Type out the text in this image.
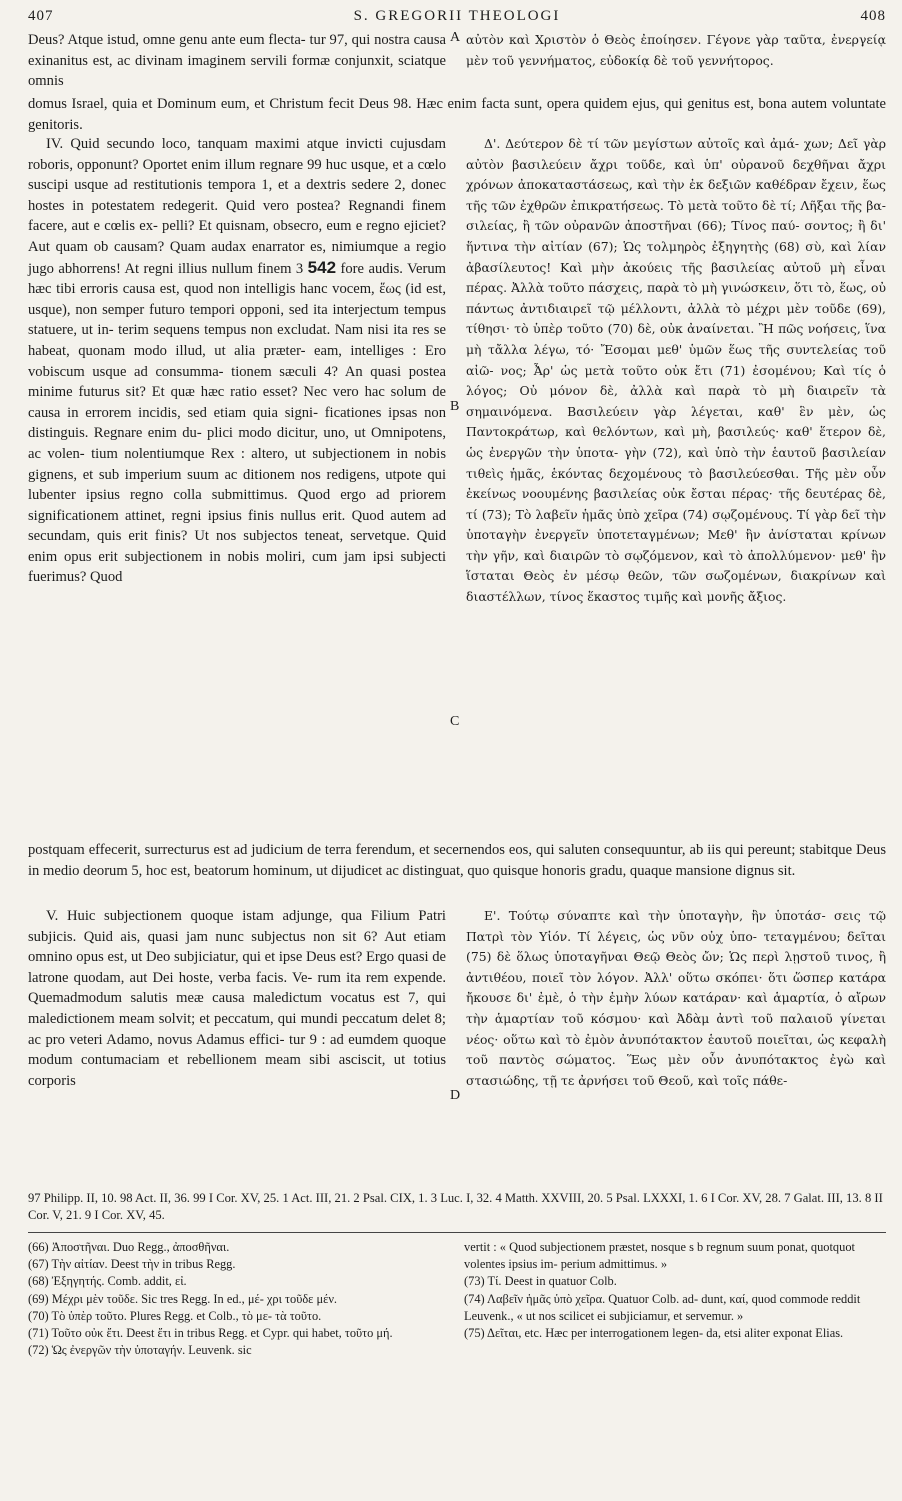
407	S. GREGORII THEOLOGI	408

Deus? Atque istud, omne genu ante eum flecta- tur 97, qui nostra causa exinanitus est, ac divinam imaginem servili formæ conjunxit, sciatque omnis

A αὐτὸν καὶ Χριστὸν ὁ Θεὸς ἐποίησεν. Γέγονε γὰρ ταῦτα, ἐνεργείᾳ μὲν τοῦ γεννήματος, εὐδοκίᾳ δὲ τοῦ γεννήτορος.

domus Israel, quia et Dominum eum, et Christum fecit Deus 98. Hæc enim facta sunt, opera quidem ejus, qui genitus est, bona autem voluntate genitoris.

IV. Quid secundo loco, tanquam maximi atque invicti cujusdam roboris, opponunt? Oportet enim illum regnare 99 huc usque, et a cœlo suscipi usque ad restitutionis tempora 1, et a dextris sedere 2, donec hostes in potestatem redegerit. Quid vero postea? Regnandi finem facere, aut e cœlis ex- pelli? Et quisnam, obsecro, eum e regno ejiciet? Aut quam ob causam? Quam audax enarrator es, nimiumque a regio jugo abhorrens! At regni illius nullum finem 3 542 fore audis. Verum hæc tibi erroris causa est, quod non intelligis hanc vocem, ἕως (id est, usque), non semper futuro tempori opponi, sed ita interjectum tempus statuere, ut in- terim sequens tempus non excludat. Nam nisi ita res se habeat, quonam modo illud, ut alia præter- eam, intelliges : Ero vobiscum usque ad consumma- tionem sæculi 4? An quasi postea minime futurus sit? Et quæ hæc ratio esset? Nec vero hac solum de causa in errorem incidis, sed etiam quia signi- ficationes ipsas non distinguis. Regnare enim du- plici modo dicitur, uno, ut Omnipotens, ac volen- tium nolentiumque Rex : altero, ut subjectionem in nobis gignens, et sub imperium suum ac ditionem nos redigens, utpote qui lubenter ipsius regno colla submittimus. Quod ergo ad priorem significationem attinet, regni ipsius finis nullus erit. Quod autem ad secundam, quis erit finis? Ut nos subjectos teneat, servetque. Quid enim opus erit subjectionem in nobis moliri, cum jam ipsi subjecti fuerimus? Quod

B
C

Δ'. Δεύτερον δὲ τί τῶν μεγίστων αὐτοῖς καὶ ἀμά- χων; Δεῖ γὰρ αὐτὸν βασιλεύειν ἄχρι τοῦδε, καὶ ὑπ' οὐρανοῦ δεχθῆναι ἄχρι χρόνων ἀποκαταστάσεως, καὶ τὴν ἐκ δεξιῶν καθέδραν ἔχειν, ἕως τῆς τῶν ἐχθρῶν ἐπικρατήσεως. Τὸ μετὰ τοῦτο δὲ τί; Λῆξαι τῆς βα- σιλείας, ἢ τῶν οὐρανῶν ἀποστῆναι (66); Τίνος παύ- σοντος; ἢ δι' ἥντινα τὴν αἰτίαν (67); Ὡς τολμηρὸς ἐξηγητὴς (68) σὺ, καὶ λίαν ἀβασίλευτος! Καὶ μὴν ἀκούεις τῆς βασιλείας αὐτοῦ μὴ εἶναι πέρας. Ἀλλὰ τοῦτο πάσχεις, παρὰ τὸ μὴ γινώσκειν, ὅτι τὸ, ἕως, οὐ πάντως ἀντιδιαιρεῖ τῷ μέλλοντι, ἀλλὰ τὸ μέχρι μὲν τοῦδε (69), τίθησι· τὸ ὑπὲρ τοῦτο (70) δὲ, οὐκ ἀναίνεται. Ἢ πῶς νοήσεις, ἵνα μὴ τἄλλα λέγω, τό· Ἔσομαι μεθ' ὑμῶν ἕως τῆς συντελείας τοῦ αἰῶ- νος; Ἆρ' ὡς μετὰ τοῦτο οὐκ ἔτι (71) ἐσομένου; Καὶ τίς ὁ λόγος; Οὐ μόνον δὲ, ἀλλὰ καὶ παρὰ τὸ μὴ διαιρεῖν τὰ σημαινόμενα. Βασιλεύειν γὰρ λέγεται, καθ' ἓν μὲν, ὡς Παντοκράτωρ, καὶ θελόντων, καὶ μὴ, βασιλεύς· καθ' ἕτερον δὲ, ὡς ἐνεργῶν τὴν ὑποτα- γὴν (72), καὶ ὑπὸ τὴν ἑαυτοῦ βασιλείαν τιθεὶς ἡμᾶς, ἑκόντας δεχομένους τὸ βασιλεύεσθαι. Τῆς μὲν οὖν ἐκείνως νοουμένης βασιλείας οὐκ ἔσται πέρας· τῆς δευτέρας δὲ, τί (73); Τὸ λαβεῖν ἡμᾶς ὑπὸ χεῖρα (74) σῳζομένους. Τί γὰρ δεῖ τὴν ὑποταγὴν ἐνεργεῖν ὑποτεταγμένων; Μεθ' ἣν ἀνίσταται κρίνων τὴν γῆν, καὶ διαιρῶν τὸ σῳζόμενον, καὶ τὸ ἀπολλύμενον· μεθ' ἣν ἵσταται Θεὸς ἐν μέσῳ θεῶν, τῶν σωζομένων, διακρίνων καὶ διαστέλλων, τίνος ἕκαστος τιμῆς καὶ μονῆς ἄξιος.

postquam effecerit, surrecturus est ad judicium de terra ferendum, et secernendos eos, qui saluten consequuntur, ab iis qui pereunt; stabitque Deus in medio deorum 5, hoc est, beatorum hominum, ut dijudicet ac distinguat, quo quisque honoris gradu, quaque mansione dignus sit.

V. Huic subjectionem quoque istam adjunge, qua Filium Patri subjicis. Quid ais, quasi jam nunc subjectus non sit 6? Aut etiam omnino opus est, ut Deo subjiciatur, qui et ipse Deus est? Ergo quasi de latrone quodam, aut Dei hoste, verba facis. Ve- rum ita rem expende. Quemadmodum salutis meæ causa maledictum vocatus est 7, qui maledictionem meam solvit; et peccatum, qui mundi peccatum delet 8; ac pro veteri Adamo, novus Adamus effici- tur 9 : ad eumdem quoque modum contumaciam et rebellionem meam sibi asciscit, ut totius corporis

D

Ε'. Τούτῳ σύναπτε καὶ τὴν ὑποταγὴν, ἣν ὑποτάσ- σεις τῷ Πατρὶ τὸν Υἱόν. Τί λέγεις, ὡς νῦν οὐχ ὑπο- τεταγμένου; δεῖται (75) δὲ ὅλως ὑποταγῆναι Θεῷ Θεὸς ὤν; Ὡς περὶ λῃστοῦ τινος, ἢ ἀντιθέου, ποιεῖ τὸν λόγον. Ἀλλ' οὕτω σκόπει· ὅτι ὥσπερ κατάρα ἤκουσε δι' ἐμὲ, ὁ τὴν ἐμὴν λύων κατάραν· καὶ ἁμαρτία, ὁ αἴρων τὴν ἁμαρτίαν τοῦ κόσμου· καὶ Ἀδὰμ ἀντὶ τοῦ παλαιοῦ γίνεται νέος· οὕτω καὶ τὸ ἐμὸν ἀνυπότακτον ἑαυτοῦ ποιεῖται, ὡς κεφαλὴ τοῦ παντὸς σώματος. Ἕως μὲν οὖν ἀνυπότακτος ἐγὼ καὶ στασιώδης, τῇ τε ἀρνήσει τοῦ Θεοῦ, καὶ τοῖς πάθε-

97 Philipp. II, 10. 98 Act. II, 36. 99 I Cor. XV, 25. 1 Act. III, 21. 2 Psal. CIX, 1. 3 Luc. I, 32. 4 Matth. XXVIII, 20. 5 Psal. LXXXI, 1. 6 I Cor. XV, 28. 7 Galat. III, 13. 8 II Cor. V, 21. 9 I Cor. XV, 45.

(66) Ἀποστῆναι. Duo Regg., ἀποσθῆναι.

(67) Τὴν αἰτίαν. Deest τὴν in tribus Regg.

(68) Ἐξηγητής. Comb. addit, εἰ.

(69) Μέχρι μὲν τοῦδε. Sic tres Regg. In ed., μέ- χρι τοῦδε μέν.

(70) Τὸ ὑπὲρ τοῦτο. Plures Regg. et Colb., τὸ με- τὰ τοῦτο.

(71) Τοῦτο οὐκ ἔτι. Deest ἔτι in tribus Regg. et Cypr. qui habet, τοῦτο μή.

(72) Ὡς ἐνεργῶν τὴν ὑποταγήν. Leuvenk. sic

vertit : « Quod subjectionem præstet, nosque s b regnum suum ponat, quotquot volentes ipsius im- perium admittimus. »

(73) Τί. Deest in quatuor Colb.

(74) Λαβεῖν ἡμᾶς ὑπὸ χεῖρα. Quatuor Colb. ad- dunt, καί, quod commode reddit Leuvenk., « ut nos scilicet ei subjiciamur, et servemur. »

(75) Δεῖται, etc. Hæc per interrogationem legen- da, etsi aliter exponat Elias.
